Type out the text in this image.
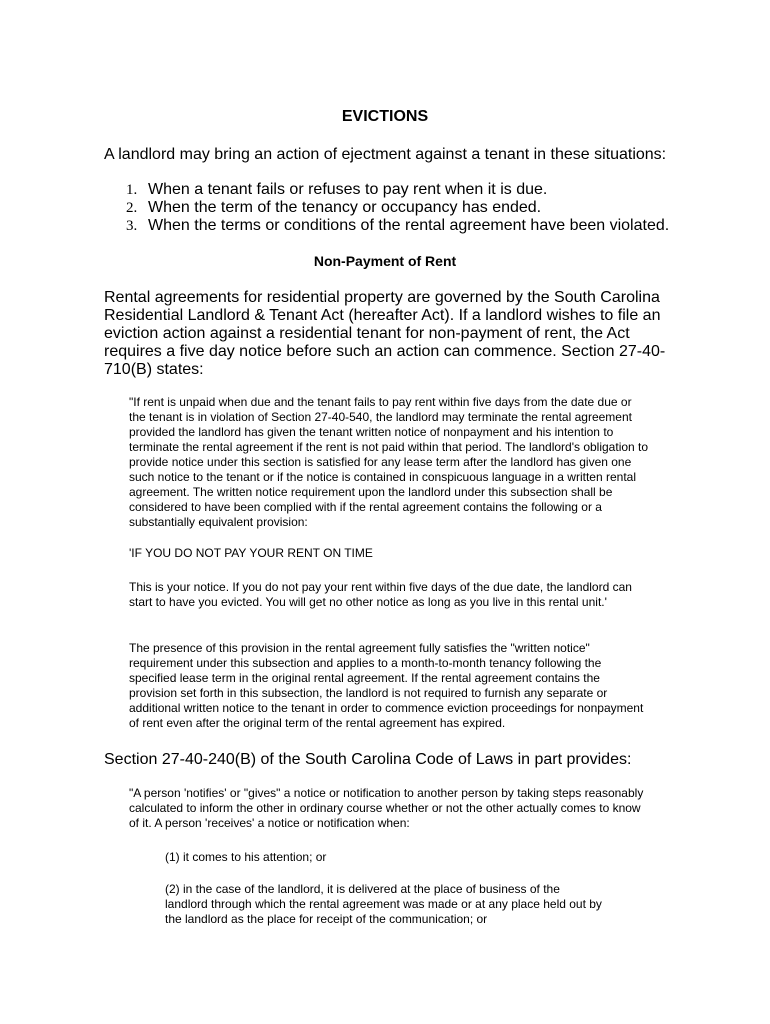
EVICTIONS
A landlord may bring an action of ejectment against a tenant in these situations:
1. When a tenant fails or refuses to pay rent when it is due.
2. When the term of the tenancy or occupancy has ended.
3. When the terms or conditions of the rental agreement have been violated.
Non-Payment of Rent
Rental agreements for residential property are governed by the South Carolina Residential Landlord & Tenant Act (hereafter Act). If a landlord wishes to file an eviction action against a residential tenant for non-payment of rent, the Act requires a five day notice before such an action can commence. Section 27-40-710(B) states:
"If rent is unpaid when due and the tenant fails to pay rent within five days from the date due or the tenant is in violation of Section 27-40-540, the landlord may terminate the rental agreement provided the landlord has given the tenant written notice of nonpayment and his intention to terminate the rental agreement if the rent is not paid within that period. The landlord's obligation to provide notice under this section is satisfied for any lease term after the landlord has given one such notice to the tenant or if the notice is contained in conspicuous language in a written rental agreement. The written notice requirement upon the landlord under this subsection shall be considered to have been complied with if the rental agreement contains the following or a substantially equivalent provision:
'IF YOU DO NOT PAY YOUR RENT ON TIME
This is your notice. If you do not pay your rent within five days of the due date, the landlord can start to have you evicted. You will get no other notice as long as you live in this rental unit.'
The presence of this provision in the rental agreement fully satisfies the "written notice" requirement under this subsection and applies to a month-to-month tenancy following the specified lease term in the original rental agreement. If the rental agreement contains the provision set forth in this subsection, the landlord is not required to furnish any separate or additional written notice to the tenant in order to commence eviction proceedings for nonpayment of rent even after the original term of the rental agreement has expired.
Section 27-40-240(B) of the South Carolina Code of Laws in part provides:
"A person 'notifies' or "gives" a notice or notification to another person by taking steps reasonably calculated to inform the other in ordinary course whether or not the other actually comes to know of it. A person 'receives' a notice or notification when:
(1) it comes to his attention; or
(2) in the case of the landlord, it is delivered at the place of business of the landlord through which the rental agreement was made or at any place held out by the landlord as the place for receipt of the communication; or
